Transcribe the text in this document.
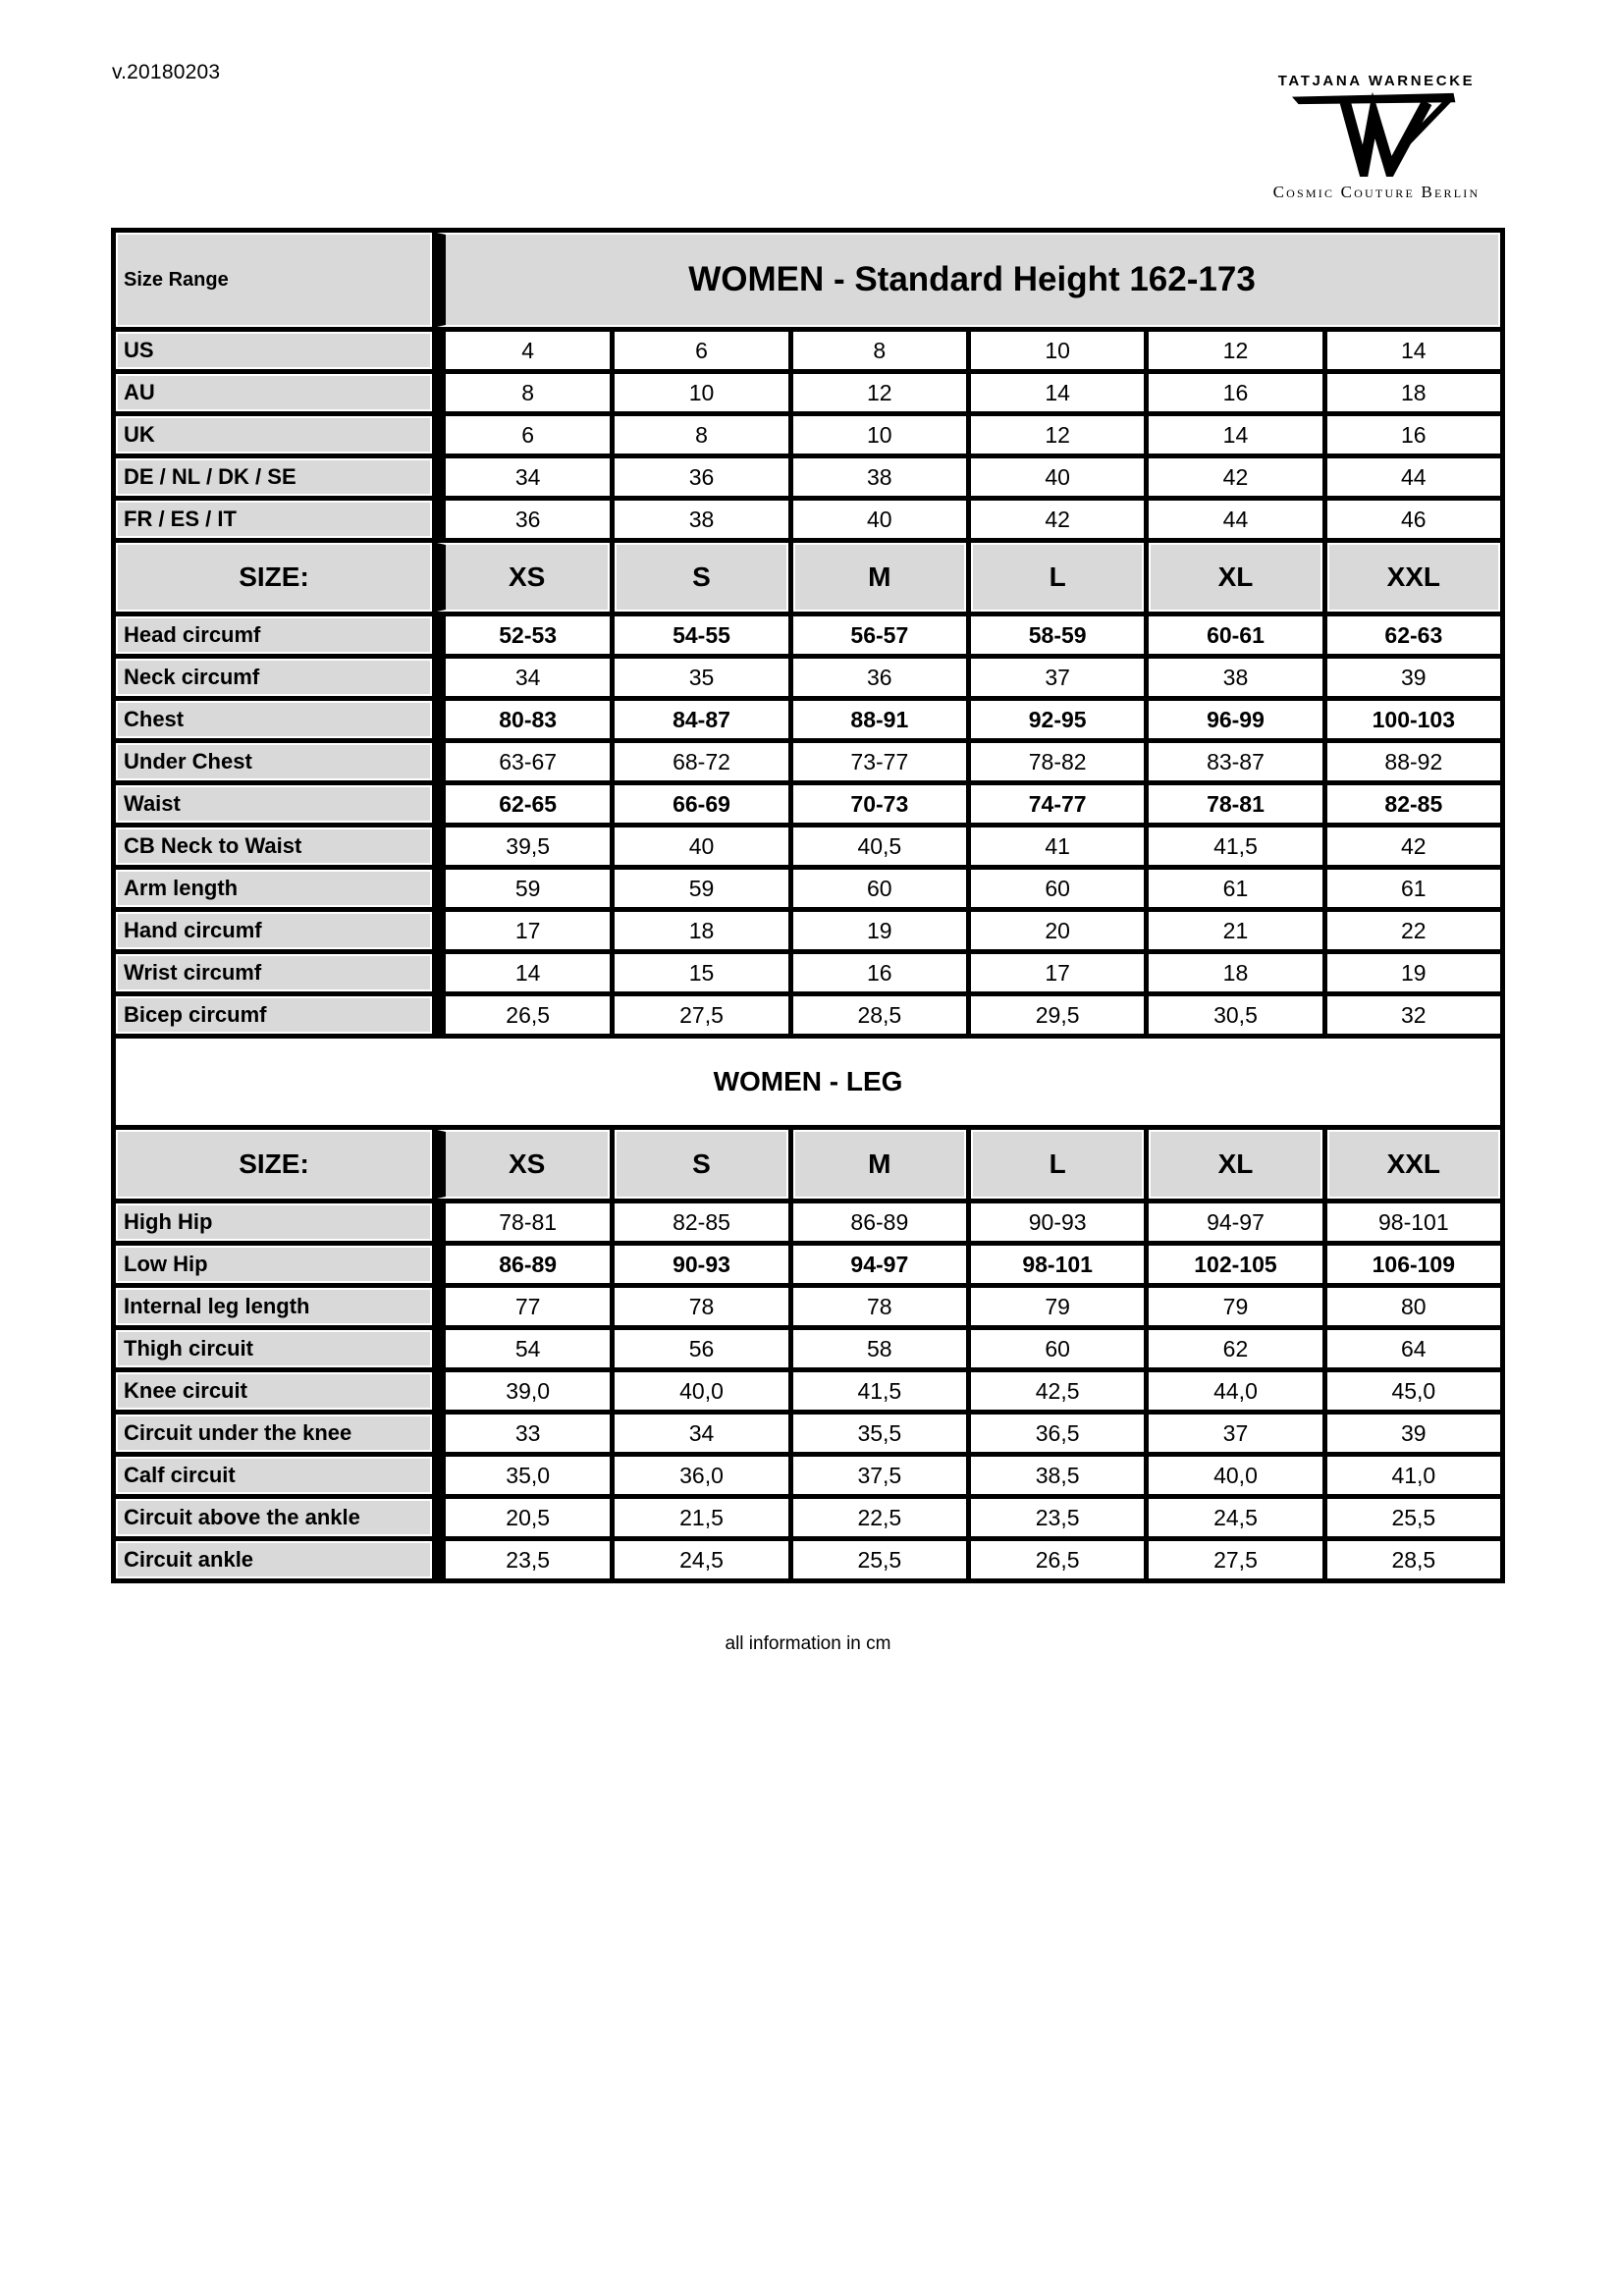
v.20180203	TATJANA WARNECKE
Cosmic Couture Berlin
Size Range	WOMEN - Standard Height 162-173					
US	4	6	8	10	12	14
AU	8	10	12	14	16	18
UK	6	8	10	12	14	16
DE / NL / DK / SE	34	36	38	40	42	44
FR / ES / IT	36	38	40	42	44	46
SIZE:	XS	S	M	L	XL	XXL
Head circumf	52-53	54-55	56-57	58-59	60-61	62-63
Neck circumf	34	35	36	37	38	39
Chest	80-83	84-87	88-91	92-95	96-99	100-103
Under Chest	63-67	68-72	73-77	78-82	83-87	88-92
Waist	62-65	66-69	70-73	74-77	78-81	82-85
CB Neck to Waist	39,5	40	40,5	41	41,5	42
Arm length	59	59	60	60	61	61
Hand circumf	17	18	19	20	21	22
Wrist circumf	14	15	16	17	18	19
Bicep circumf	26,5	27,5	28,5	29,5	30,5	32
WOMEN - LEG						
SIZE:	XS	S	M	L	XL	XXL
High Hip	78-81	82-85	86-89	90-93	94-97	98-101
Low Hip	86-89	90-93	94-97	98-101	102-105	106-109
Internal leg length	77	78	78	79	79	80
Thigh circuit	54	56	58	60	62	64
Knee circuit	39,0	40,0	41,5	42,5	44,0	45,0
Circuit under the knee	33	34	35,5	36,5	37	39
Calf circuit	35,0	36,0	37,5	38,5	40,0	41,0
Circuit above the ankle	20,5	21,5	22,5	23,5	24,5	25,5
Circuit ankle	23,5	24,5	25,5	26,5	27,5	28,5
all information in cm
